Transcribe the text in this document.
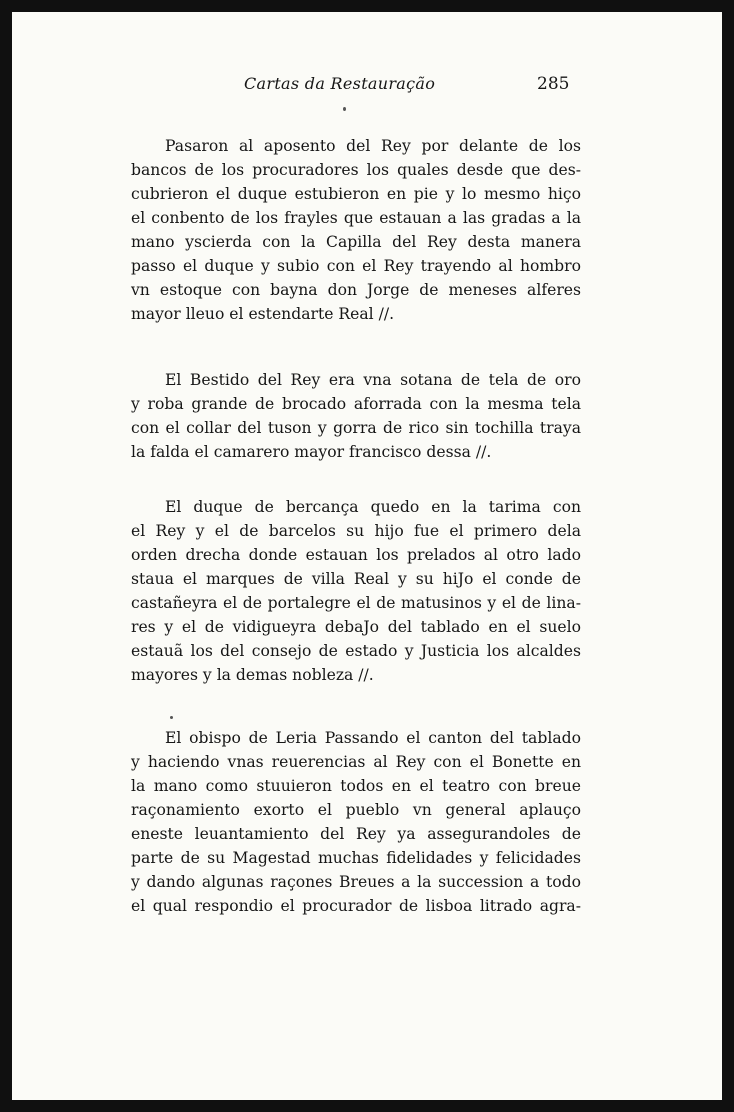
Cartas da Restauração	285
Pasaron al aposento del Rey por delante de los
bancos de los procuradores los quales desde que des-
cubrieron el duque estubieron en pie y lo mesmo hiço
el conbento de los frayles que estauan a las gradas a la
mano yscierda con la Capilla del Rey desta manera
passo el duque y subio con el Rey trayendo al hombro
vn estoque con bayna don Jorge de meneses alferes
mayor lleuo el estendarte Real //.
El Bestido del Rey era vna sotana de tela de oro
y roba grande de brocado aforrada con la mesma tela
con el collar del tuson y gorra de rico sin tochilla traya
la falda el camarero mayor francisco dessa //.
El duque de bercança quedo en la tarima con
el Rey y el de barcelos su hijo fue el primero dela
orden drecha donde estauan los prelados al otro lado
staua el marques de villa Real y su hiJo el conde de
castañeyra el de portalegre el de matusinos y el de lina-
res y el de vidigueyra debaJo del tablado en el suelo
estauã los del consejo de estado y Justicia los alcaldes
mayores y la demas nobleza //.
El obispo de Leria Passando el canton del tablado
y haciendo vnas reuerencias al Rey con el Bonette en
la mano como stuuieron todos en el teatro con breue
raçonamiento exorto el pueblo vn general aplauço
eneste leuantamiento del Rey ya assegurandoles de
parte de su Magestad muchas fidelidades y felicidades
y dando algunas raçones Breues a la succession a todo
el qual respondio el procurador de lisboa litrado agra-
